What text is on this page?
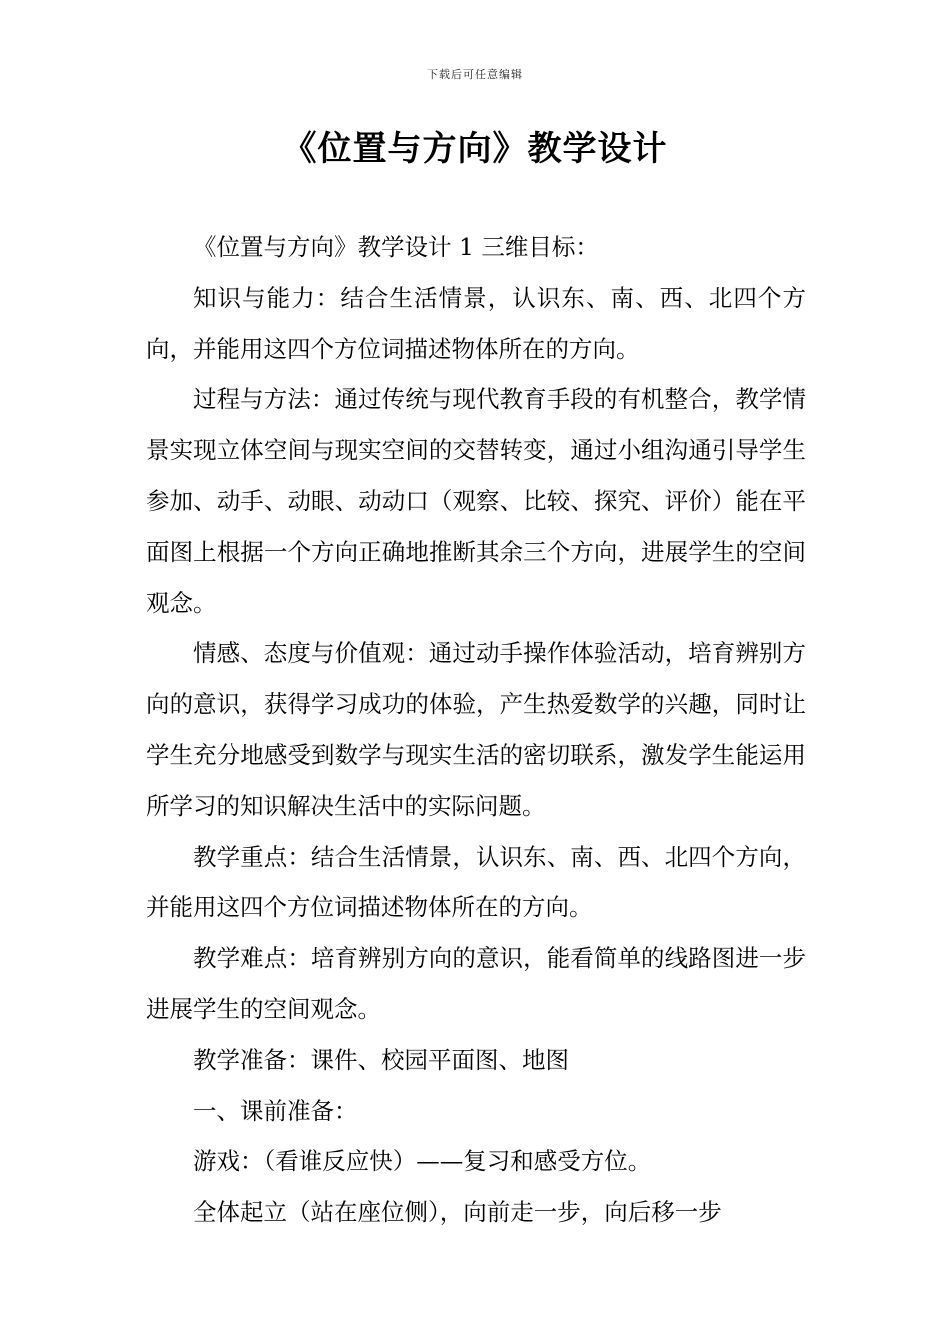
下载后可任意编辑
《位置与方向》教学设计

《位置与方向》教学设计 1 三维目标：

知识与能力：结合生活情景，认识东、南、西、北四个方向，并能用这四个方位词描述物体所在的方向。

过程与方法：通过传统与现代教育手段的有机整合，教学情景实现立体空间与现实空间的交替转变，通过小组沟通引导学生参加、动手、动眼、动动口（观察、比较、探究、评价）能在平面图上根据一个方向正确地推断其余三个方向，进展学生的空间观念。

情感、态度与价值观：通过动手操作体验活动，培育辨别方向的意识，获得学习成功的体验，产生热爱数学的兴趣，同时让学生充分地感受到数学与现实生活的密切联系，激发学生能运用所学习的知识解决生活中的实际问题。

教学重点：结合生活情景，认识东、南、西、北四个方向，并能用这四个方位词描述物体所在的方向。

教学难点：培育辨别方向的意识，能看简单的线路图进一步进展学生的空间观念。

教学准备：课件、校园平面图、地图

一、课前准备：

游戏：（看谁反应快）——复习和感受方位。

全体起立（站在座位侧），向前走一步，向后移一步
